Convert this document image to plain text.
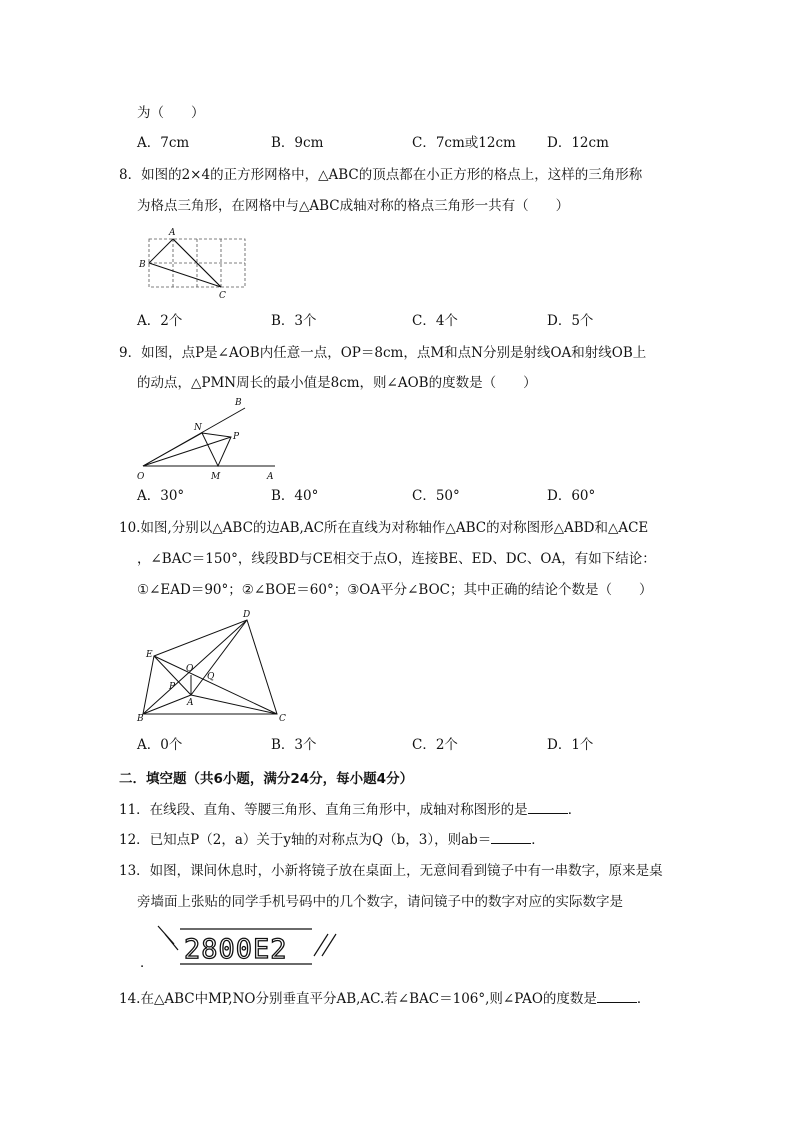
为（　　）
A．7cm	B．9cm	C．7cm或12cm D．12cm
8．如图的2×4的正方形网格中，△ABC的顶点都在小正方形的格点上，这样的三角形称
为格点三角形，在网格中与△ABC成轴对称的格点三角形一共有（　　）
A
B
C
A．2个	B．3个	C．4个	D．5个
9．如图，点P是∠AOB内任意一点，OP＝8cm，点M和点N分别是射线OA和射线OB上
的动点，△PMN周长的最小值是8cm，则∠AOB的度数是（　　）
B
N
P
O	M	A
A．30°	B．40°	C．50°	D．60°
10.如图,分别以△ABC的边AB,AC所在直线为对称轴作△ABC的对称图形△ABD和△ACE
，∠BAC＝150°，线段BD与CE相交于点O，连接BE、ED、DC、OA，有如下结论：
①∠EAD＝90°；②∠BOE＝60°；③OA平分∠BOC；其中正确的结论个数是（　　）
D
E
O
P
Q
A
B	C
A．0个	B．3个	C．2个	D．1个
二．填空题（共6小题，满分24分，每小题4分）
11．在线段、直角、等腰三角形、直角三角形中，成轴对称图形的是	．
12．已知点P（2，a）关于y轴的对称点为Q（b，3），则ab＝	．
13．如图，课间休息时，小新将镜子放在桌面上，无意间看到镜子中有一串数字，原来是桌
旁墙面上张贴的同学手机号码中的几个数字，请问镜子中的数字对应的实际数字是
2800E2
．
14.在△ABC中MP,NO分别垂直平分AB,AC.若∠BAC＝106°,则∠PAO的度数是	．
